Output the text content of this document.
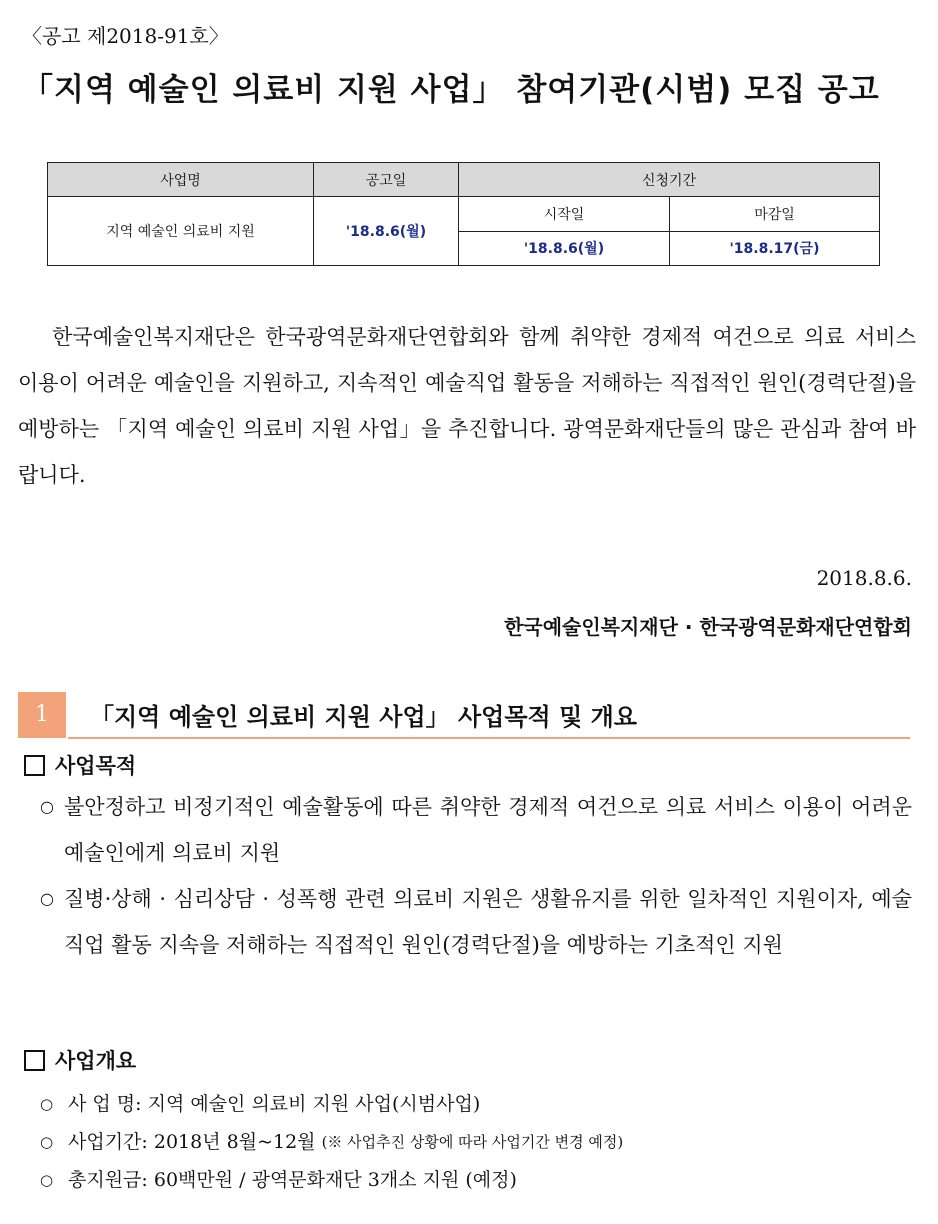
〈공고 제2018-91호〉
「지역 예술인 의료비 지원 사업」 참여기관(시범) 모집 공고
사업명	공고일	신청기간	
지역 예술인 의료비 지원	'18.8.6(월)	시작일	마감일
		'18.8.6(월)	'18.8.17(금)
한국예술인복지재단은 한국광역문화재단연합회와 함께 취약한 경제적 여건으로 의료 서비스 이용이 어려운 예술인을 지원하고, 지속적인 예술직업 활동을 저해하는 직접적인 원인(경력단절)을 예방하는 「지역 예술인 의료비 지원 사업」을 추진합니다. 광역문화재단들의 많은 관심과 참여 바랍니다.
2018.8.6.
한국예술인복지재단 · 한국광역문화재단연합회
1	「지역 예술인 의료비 지원 사업」 사업목적 및 개요
사업목적
○ 불안정하고 비정기적인 예술활동에 따른 취약한 경제적 여건으로 의료 서비스 이용이 어려운 예술인에게 의료비 지원
○ 질병·상해 · 심리상담 · 성폭행 관련 의료비 지원은 생활유지를 위한 일차적인 지원이자, 예술직업 활동 지속을 저해하는 직접적인 원인(경력단절)을 예방하는 기초적인 지원
사업개요
○ 사 업 명:
지역 예술인 의료비 지원 사업(시범사업)
○ 사업기간:
2018년 8월~12월
(※ 사업추진 상황에 따라 사업기간 변경 예정)
○ 총지원금:
60백만원 / 광역문화재단 3개소 지원 (예정)
